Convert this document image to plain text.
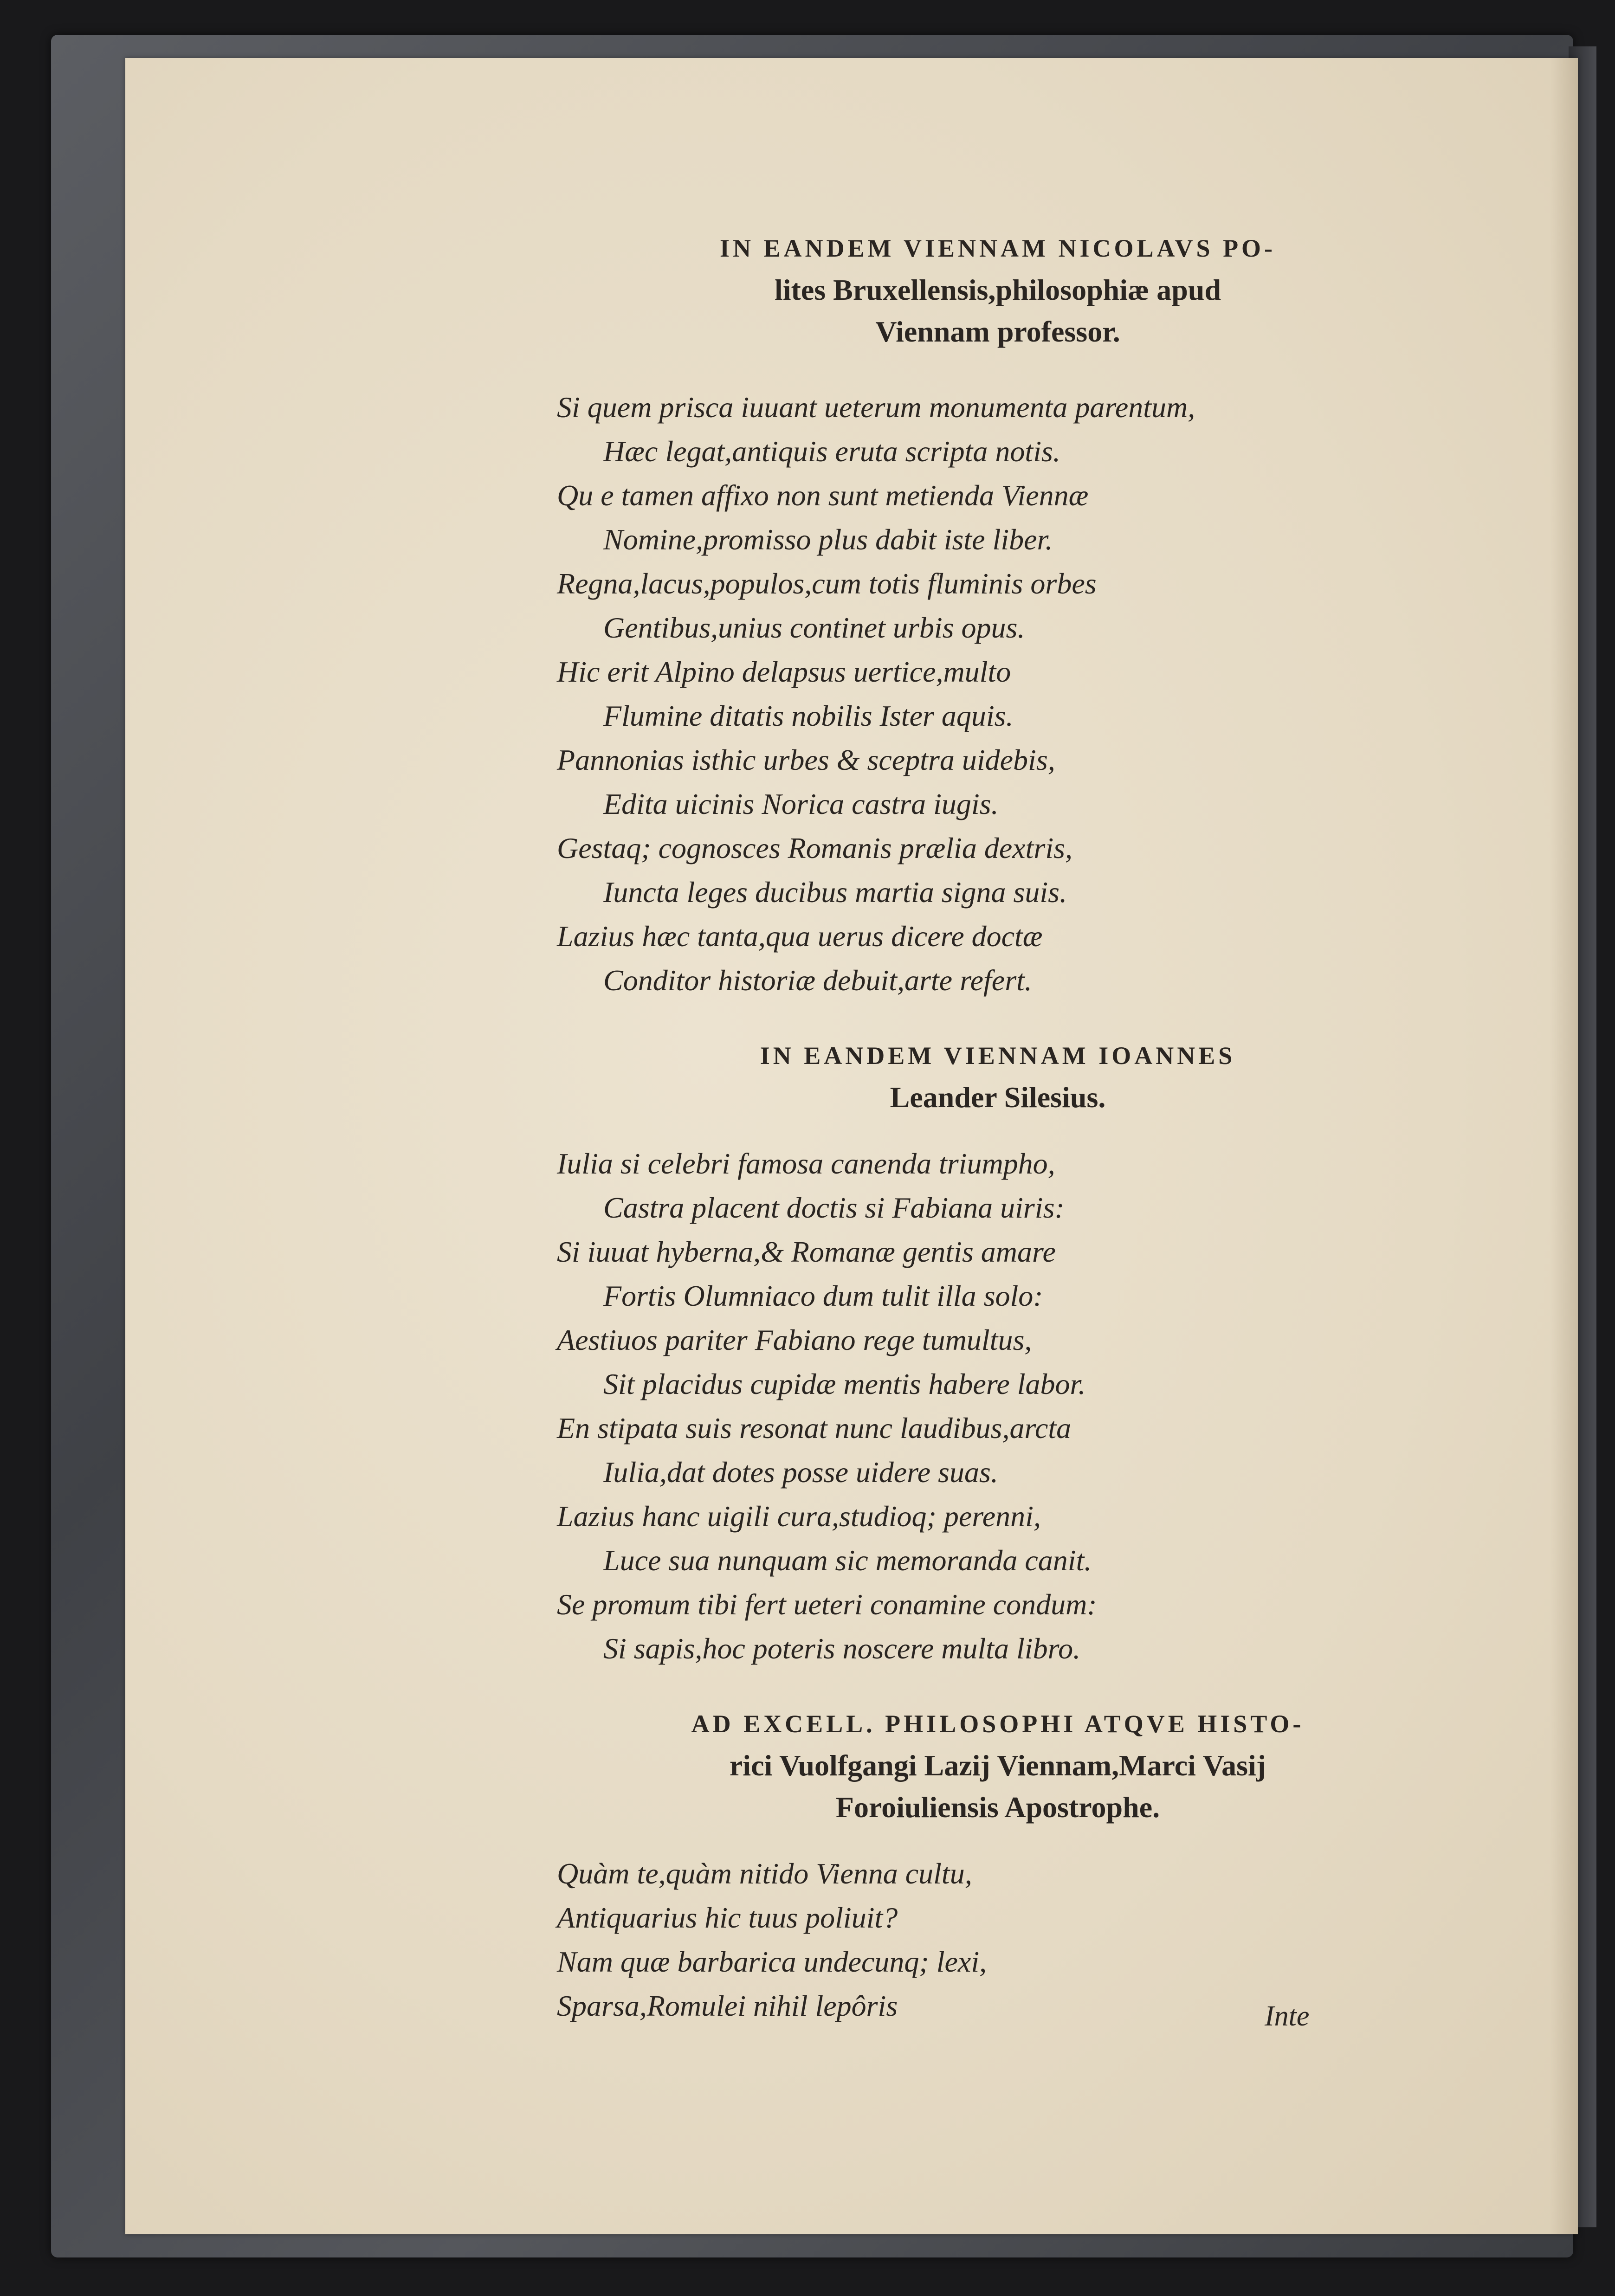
IN EANDEM VIENNAM NICOLAVS PO-
lites Bruxellensis,philosophiæ apud
Viennam professor.
Si quem prisca iuuant ueterum monumenta parentum,
Hæc legat,antiquis eruta scripta notis.
Qu e tamen affixo non sunt metienda Viennæ
Nomine,promisso plus dabit iste liber.
Regna,lacus,populos,cum totis fluminis orbes
Gentibus,unius continet urbis opus.
Hic erit Alpino delapsus uertice,multo
Flumine ditatis nobilis Ister aquis.
Pannonias isthic urbes & sceptra uidebis,
Edita uicinis Norica castra iugis.
Gestaq; cognosces Romanis prælia dextris,
Iuncta leges ducibus martia signa suis.
Lazius hæc tanta,qua uerus dicere doctæ
Conditor historiæ debuit,arte refert.
IN EANDEM VIENNAM IOANNES
Leander Silesius.
Iulia si celebri famosa canenda triumpho,
Castra placent doctis si Fabiana uiris:
Si iuuat hyberna,& Romanæ gentis amare
Fortis Olumniaco dum tulit illa solo:
Aestiuos pariter Fabiano rege tumultus,
Sit placidus cupidæ mentis habere labor.
En stipata suis resonat nunc laudibus,arcta
Iulia,dat dotes posse uidere suas.
Lazius hanc uigili cura,studioq; perenni,
Luce sua nunquam sic memoranda canit.
Se promum tibi fert ueteri conamine condum:
Si sapis,hoc poteris noscere multa libro.
AD EXCELL. PHILOSOPHI ATQVE HISTO-
rici Vuolfgangi Lazij Viennam,Marci Vasij
Foroiuliensis Apostrophe.
Quàm te,quàm nitido Vienna cultu,
Antiquarius hic tuus poliuit?
Nam quæ barbarica undecunq; lexi,
Sparsa,Romulei nihil lepôris	Inte
